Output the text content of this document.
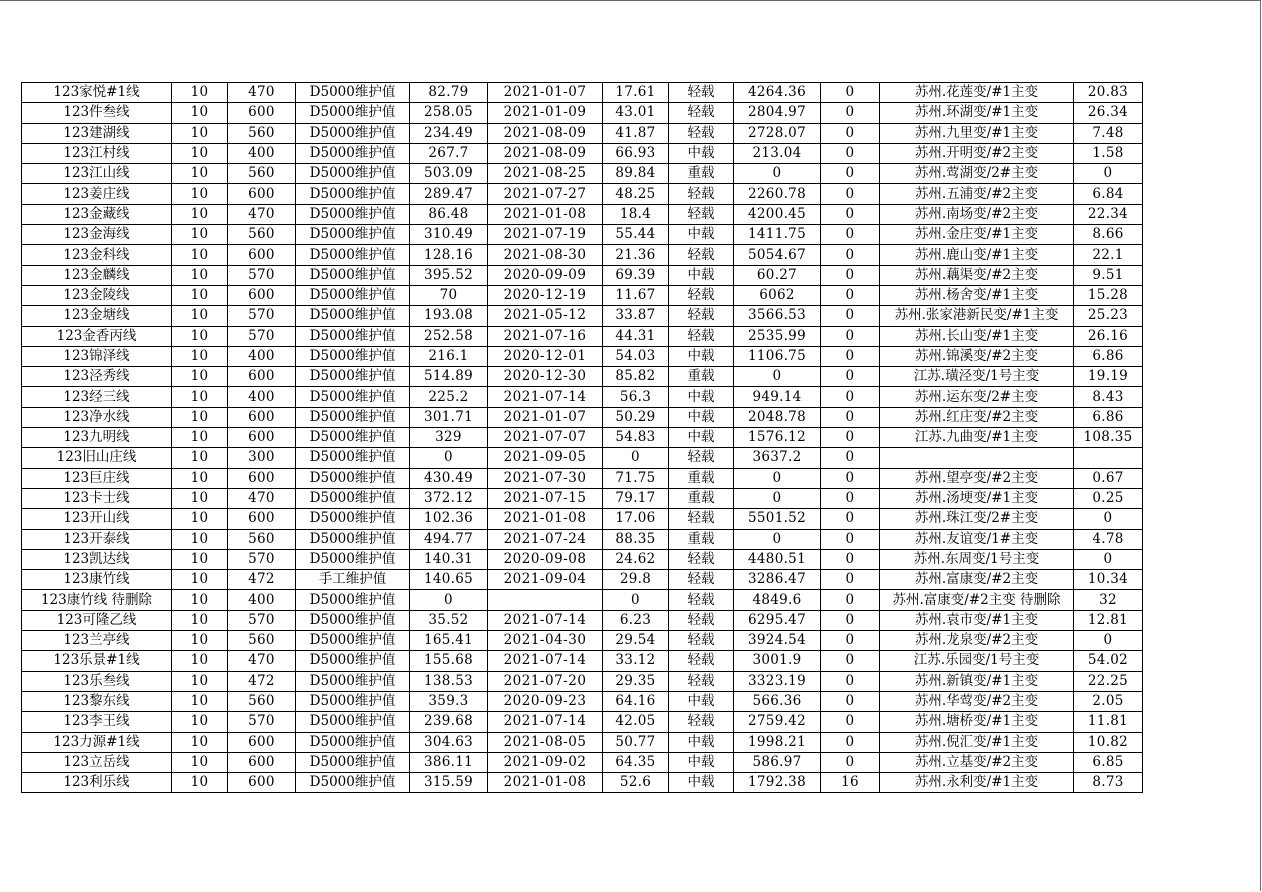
123家悦#1线	10	470	D5000维护值	82.79	2021-01-07	17.61	轻载	4264.36	0	苏州.花莲变/#1主变	20.83
123件叁线	10	600	D5000维护值	258.05	2021-01-09	43.01	轻载	2804.97	0	苏州.环湖变/#1主变	26.34
123建湖线	10	560	D5000维护值	234.49	2021-08-09	41.87	轻载	2728.07	0	苏州.九里变/#1主变	7.48
123江村线	10	400	D5000维护值	267.7	2021-08-09	66.93	中载	213.04	0	苏州.开明变/#2主变	1.58
123江山线	10	560	D5000维护值	503.09	2021-08-25	89.84	重载	0	0	苏州.莺湖变/2#主变	0
123姜庄线	10	600	D5000维护值	289.47	2021-07-27	48.25	轻载	2260.78	0	苏州.五浦变/#2主变	6.84
123金藏线	10	470	D5000维护值	86.48	2021-01-08	18.4	轻载	4200.45	0	苏州.南场变/#2主变	22.34
123金海线	10	560	D5000维护值	310.49	2021-07-19	55.44	中载	1411.75	0	苏州.金庄变/#1主变	8.66
123金科线	10	600	D5000维护值	128.16	2021-08-30	21.36	轻载	5054.67	0	苏州.鹿山变/#1主变	22.1
123金麟线	10	570	D5000维护值	395.52	2020-09-09	69.39	中载	60.27	0	苏州.藕渠变/#2主变	9.51
123金陵线	10	600	D5000维护值	70	2020-12-19	11.67	轻载	6062	0	苏州.杨舍变/#1主变	15.28
123金塘线	10	570	D5000维护值	193.08	2021-05-12	33.87	轻载	3566.53	0	苏州.张家港新民变/#1主变	25.23
123金香丙线	10	570	D5000维护值	252.58	2021-07-16	44.31	轻载	2535.99	0	苏州.长山变/#1主变	26.16
123锦泽线	10	400	D5000维护值	216.1	2020-12-01	54.03	中载	1106.75	0	苏州.锦溪变/#2主变	6.86
123泾秀线	10	600	D5000维护值	514.89	2020-12-30	85.82	重载	0	0	江苏.璜泾变/1号主变	19.19
123经三线	10	400	D5000维护值	225.2	2021-07-14	56.3	中载	949.14	0	苏州.运东变/2#主变	8.43
123净水线	10	600	D5000维护值	301.71	2021-01-07	50.29	中载	2048.78	0	苏州.红庄变/#2主变	6.86
123九明线	10	600	D5000维护值	329	2021-07-07	54.83	中载	1576.12	0	江苏.九曲变/#1主变	108.35
123旧山庄线	10	300	D5000维护值	0	2021-09-05	0	轻载	3637.2	0		
123巨庄线	10	600	D5000维护值	430.49	2021-07-30	71.75	重载	0	0	苏州.望亭变/#2主变	0.67
123卡士线	10	470	D5000维护值	372.12	2021-07-15	79.17	重载	0	0	苏州.汤埂变/#1主变	0.25
123开山线	10	600	D5000维护值	102.36	2021-01-08	17.06	轻载	5501.52	0	苏州.珠江变/2#主变	0
123开泰线	10	560	D5000维护值	494.77	2021-07-24	88.35	重载	0	0	苏州.友谊变/1#主变	4.78
123凯达线	10	570	D5000维护值	140.31	2020-09-08	24.62	轻载	4480.51	0	苏州.东周变/1号主变	0
123康竹线	10	472	手工维护值	140.65	2021-09-04	29.8	轻载	3286.47	0	苏州.富康变/#2主变	10.34
123康竹线 待删除	10	400	D5000维护值	0		0	轻载	4849.6	0	苏州.富康变/#2主变 待删除	32
123可隆乙线	10	570	D5000维护值	35.52	2021-07-14	6.23	轻载	6295.47	0	苏州.袁市变/#1主变	12.81
123兰亭线	10	560	D5000维护值	165.41	2021-04-30	29.54	轻载	3924.54	0	苏州.龙泉变/#2主变	0
123乐景#1线	10	470	D5000维护值	155.68	2021-07-14	33.12	轻载	3001.9	0	江苏.乐园变/1号主变	54.02
123乐叁线	10	472	D5000维护值	138.53	2021-07-20	29.35	轻载	3323.19	0	苏州.新镇变/#1主变	22.25
123黎东线	10	560	D5000维护值	359.3	2020-09-23	64.16	中载	566.36	0	苏州.华莺变/#2主变	2.05
123李王线	10	570	D5000维护值	239.68	2021-07-14	42.05	轻载	2759.42	0	苏州.塘桥变/#1主变	11.81
123力源#1线	10	600	D5000维护值	304.63	2021-08-05	50.77	中载	1998.21	0	苏州.倪汇变/#1主变	10.82
123立岳线	10	600	D5000维护值	386.11	2021-09-02	64.35	中载	586.97	0	苏州.立基变/#2主变	6.85
123利乐线	10	600	D5000维护值	315.59	2021-01-08	52.6	中载	1792.38	16	苏州.永利变/#1主变	8.73
